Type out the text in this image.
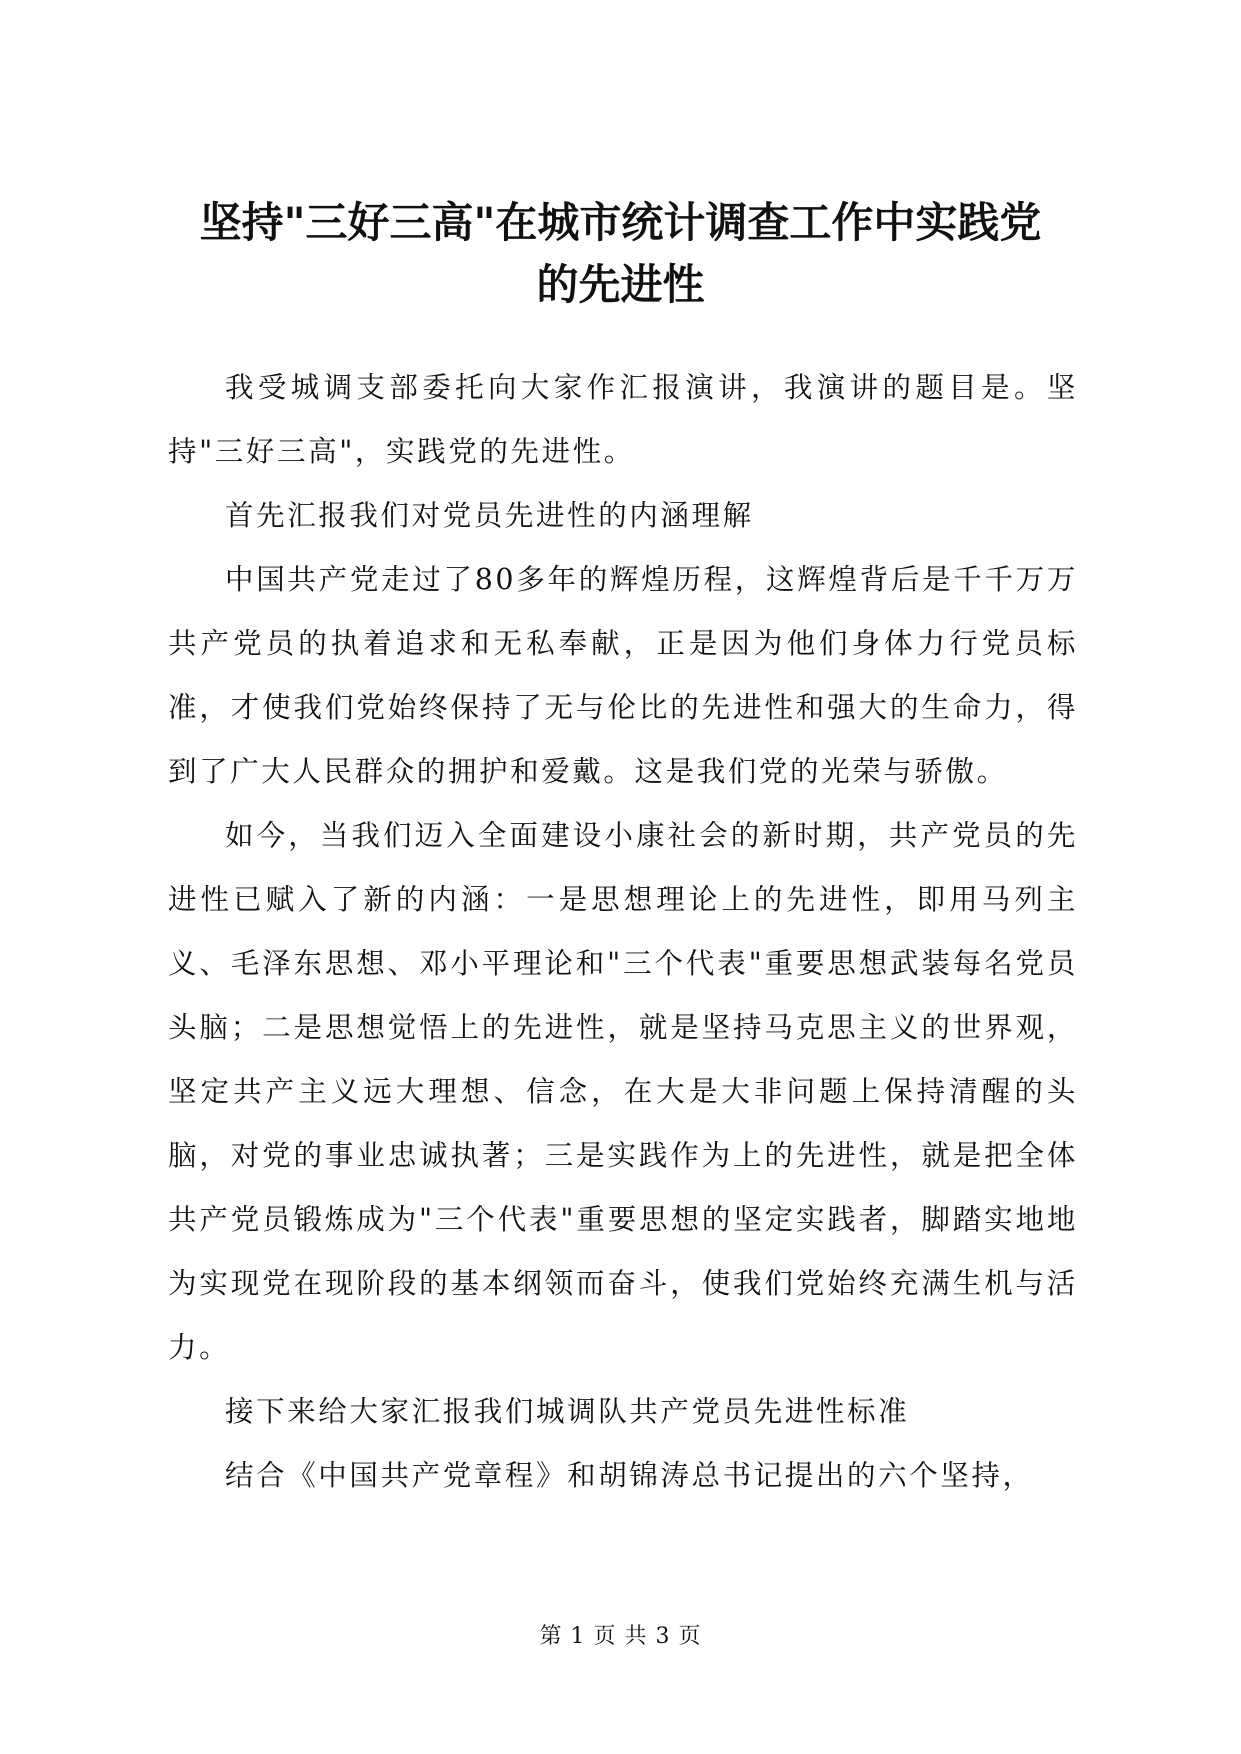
坚持"三好三高"在城市统计调查工作中实践党
的先进性

我受城调支部委托向大家作汇报演讲，我演讲的题目是。坚持"三好三高"，实践党的先进性。

首先汇报我们对党员先进性的内涵理解

中国共产党走过了80多年的辉煌历程，这辉煌背后是千千万万共产党员的执着追求和无私奉献，正是因为他们身体力行党员标准，才使我们党始终保持了无与伦比的先进性和强大的生命力，得到了广大人民群众的拥护和爱戴。这是我们党的光荣与骄傲。

如今，当我们迈入全面建设小康社会的新时期，共产党员的先进性已赋入了新的内涵：一是思想理论上的先进性，即用马列主义、毛泽东思想、邓小平理论和"三个代表"重要思想武装每名党员头脑；二是思想觉悟上的先进性，就是坚持马克思主义的世界观，坚定共产主义远大理想、信念，在大是大非问题上保持清醒的头脑，对党的事业忠诚执著；三是实践作为上的先进性，就是把全体共产党员锻炼成为"三个代表"重要思想的坚定实践者，脚踏实地地为实现党在现阶段的基本纲领而奋斗，使我们党始终充满生机与活力。

接下来给大家汇报我们城调队共产党员先进性标准

结合《中国共产党章程》和胡锦涛总书记提出的六个坚持，

第 1 页 共 3 页
